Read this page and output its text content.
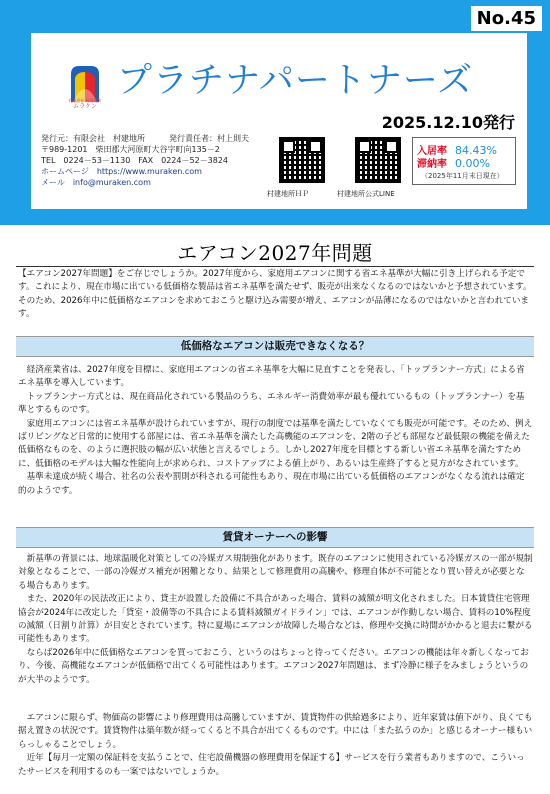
有限会社 村建地所
ムラケン
プラチナパートナーズ
2025.12.10発行
発行元：有限会社　村建地所　　　発行責任者：村上則夫
〒989-1201　柴田郡大河原町大谷字町向135－2
TEL　0224－53－1130　FAX　0224－52－3824
ホームページ　https://www.muraken.com
メール　info@muraken.com
村建地所ＨＰ	村建地所公式LINE
入居率 84.43%
滞納率 0.00%
（2025年11月末日現在）
No.45
エアコン2027年問題

【エアコン2027年問題】をご存じでしょうか。2027年度から、家庭用エアコンに関する省エネ基準が大幅に引き上げられる予定です。これにより、現在市場に出ている低価格な製品は省エネ基準を満たせず、販売が出来なくなるのではないかと予想されています。そのため、2026年中に低価格なエアコンを求めておこうと駆け込み需要が増え、エアコンが品薄になるのではないかと言われています。

低価格なエアコンは販売できなくなる？

　経済産業省は、2027年度を目標に、家庭用エアコンの省エネ基準を大幅に見直すことを発表し、「トップランナー方式」による省エネ基準を導入しています。

　トップランナー方式とは、現在商品化されている製品のうち、エネルギー消費効率が最も優れているもの（トップランナー）を基準とするものです。

　家庭用エアコンには省エネ基準が設けられていますが、現行の制度では基準を満たしていなくても販売が可能です。そのため、例えばリビングなど日常的に使用する部屋には、省エネ基準を満たした高機能のエアコンを、2階の子ども部屋など最低限の機能を備えた低価格なものを、のように選択肢の幅が広い状態と言えるでしょう。しかし2027年度を目標とする新しい省エネ基準を満たすために、低価格のモデルは大幅な性能向上が求められ、コストアップによる値上がり、あるいは生産終了すると見方がなされています。

　基準未達成が続く場合、社名の公表や罰則が科される可能性もあり、現在市場に出ている低価格のエアコンがなくなる流れは確定的のようです。

賃貸オーナーへの影響

　新基準の背景には、地球温暖化対策としての冷媒ガス規制強化があります。既存のエアコンに使用されている冷媒ガスの一部が規制対象となることで、一部の冷媒ガス補充が困難となり、結果として修理費用の高騰や、修理自体が不可能となり買い替えが必要となる場合もあります。

　また、2020年の民法改正により、貸主が設置した設備に不具合があった場合、賃料の減額が明文化されました。日本賃貸住宅管理協会が2024年に改定した「貸室・設備等の不具合による賃料減額ガイドライン」では、エアコンが作動しない場合、賃料の10%程度の減額（日割り計算）が目安とされています。特に夏場にエアコンが故障した場合などは、修理や交換に時間がかかると退去に繋がる可能性もあります。

　ならば2026年中に低価格なエアコンを買っておこう、というのはちょっと待ってください。エアコンの機能は年々新しくなっており、今後、高機能なエアコンが低価格で出てくる可能性はあります。エアコン2027年問題は、まず冷静に様子をみましょうというのが大半のようです。

　エアコンに限らず、物価高の影響により修理費用は高騰していますが、賃貸物件の供給過多により、近年家賃は値下がり、良くても据え置きの状況です。賃貸物件は築年数が経ってくると不具合が出てくるものです。中には「また払うのか」と感じるオーナー様もいらっしゃることでしょう。

　近年【毎月一定額の保証料を支払うことで、住宅設備機器の修理費用を保証する】サービスを行う業者もありますので、こういったサービスを利用するのも一案ではないでしょうか。
